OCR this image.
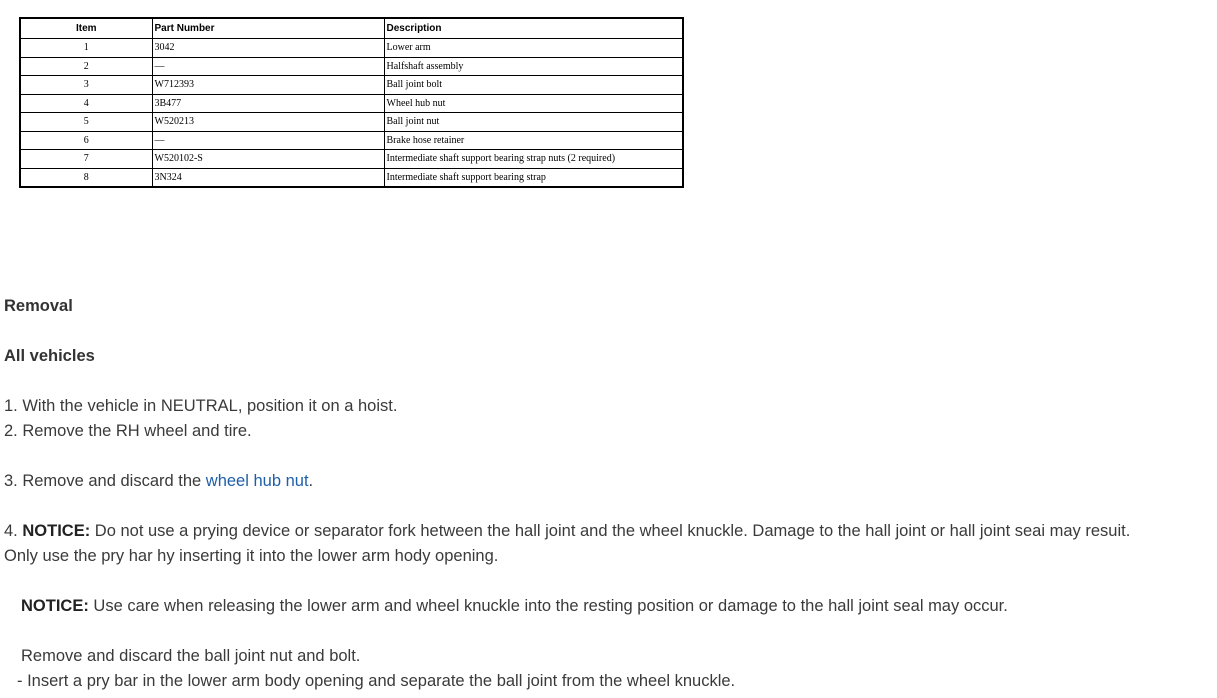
Item	Part Number	Description
1	3042	Lower arm
2	—	Halfshaft assembly
3	W712393	Ball joint bolt
4	3B477	Wheel hub nut
5	W520213	Ball joint nut
6	—	Brake hose retainer
7	W520102-S	Intermediate shaft support bearing strap nuts (2 required)
8	3N324	Intermediate shaft support bearing strap
Removal
All vehicles
1. With the vehicle in NEUTRAL, position it on a hoist.
2. Remove the RH wheel and tire.
3. Remove and discard the wheel hub nut.
4. NOTICE: Do not use a prying device or separator fork hetween the hall joint and the wheel knuckle. Damage to the hall joint or hall joint seai may resuit.
Only use the pry har hy inserting it into the lower arm hody opening.
NOTICE: Use care when releasing the lower arm and wheel knuckle into the resting position or damage to the hall joint seal may occur.
Remove and discard the ball joint nut and bolt.
- Insert a pry bar in the lower arm body opening and separate the ball joint from the wheel knuckle.
